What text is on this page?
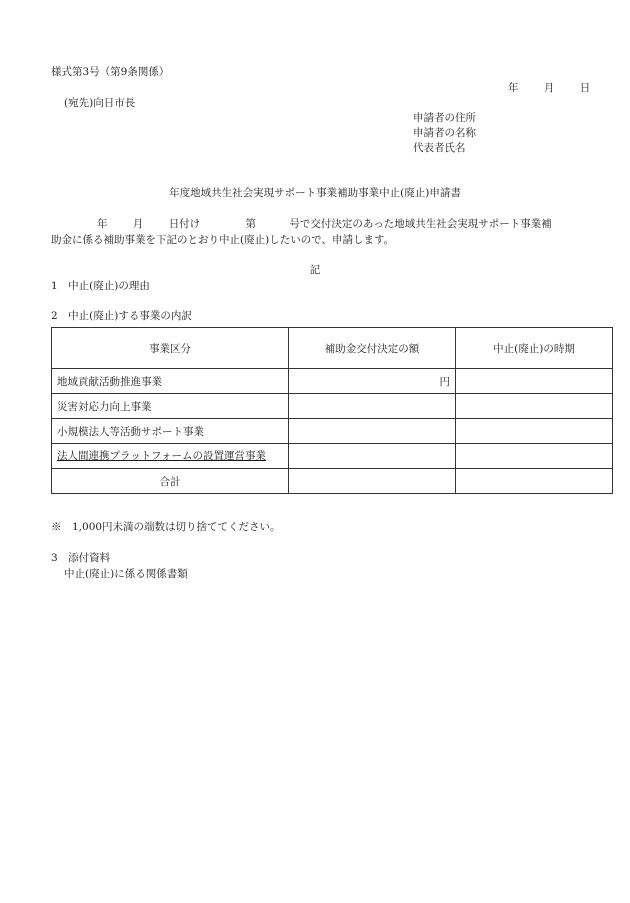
様式第3号（第9条関係）
年 月 日
(宛先)向日市長
申請者の住所
申請者の名称
代表者氏名
年度地域共生社会実現サポート事業補助事業中止(廃止)申請書
年 月 日付け	第	号で交付決定のあった地域共生社会実現サポート事業補
助金に係る補助事業を下記のとおり中止(廃止)したいので、申請します。
記
1　中止(廃止)の理由
2　中止(廃止)する事業の内訳
事業区分	補助金交付決定の額	中止(廃止)の時期
地域貢献活動推進事業	円	
災害対応力向上事業		
小規模法人等活動サポート事業		
法人間連携プラットフォームの設置運営事業		
合計		
※　1,000円未満の端数は切り捨ててください。
3　添付資料
中止(廃止)に係る関係書類
